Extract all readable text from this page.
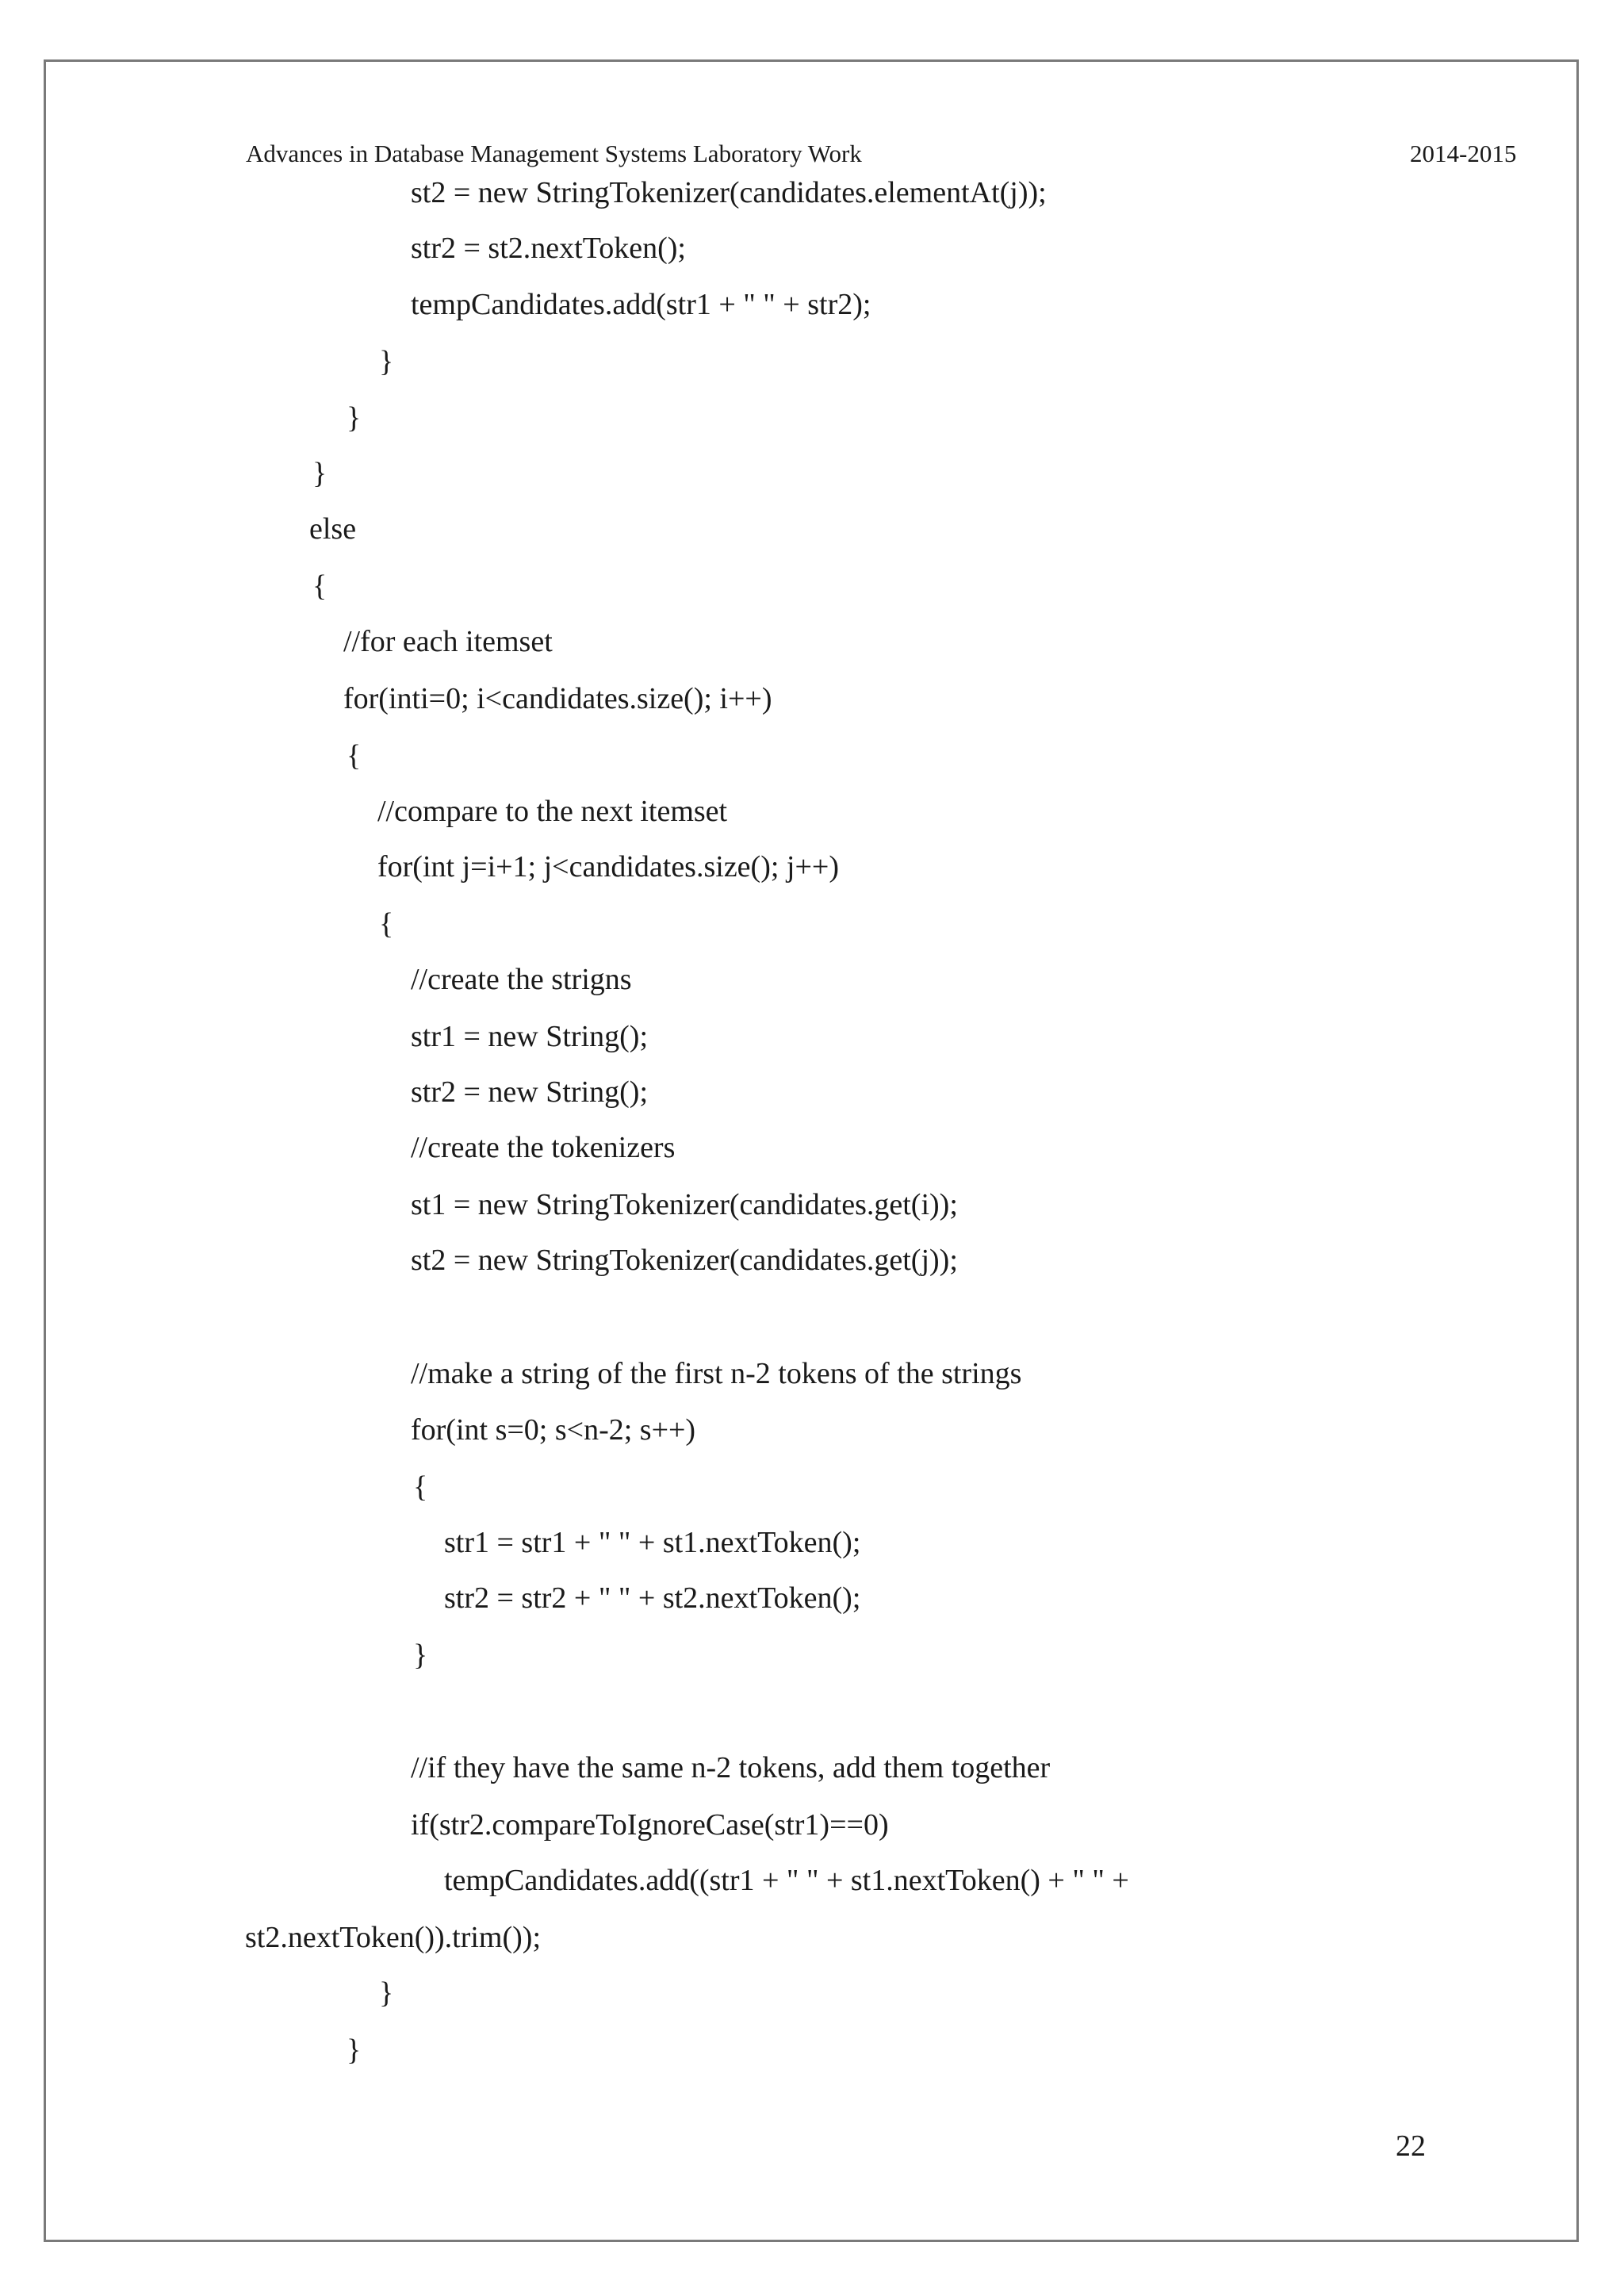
Advances in Database Management Systems Laboratory Work	2014-2015
st2 = new StringTokenizer(candidates.elementAt(j));
str2 = st2.nextToken();
tempCandidates.add(str1 + " " + str2);
}
}
}
else
{
//for each itemset
for(inti=0; i<candidates.size(); i++)
{
//compare to the next itemset
for(int j=i+1; j<candidates.size(); j++)
{
//create the strigns
str1 = new String();
str2 = new String();
//create the tokenizers
st1 = new StringTokenizer(candidates.get(i));
st2 = new StringTokenizer(candidates.get(j));
//make a string of the first n-2 tokens of the strings
for(int s=0; s<n-2; s++)
{
str1 = str1 + " " + st1.nextToken();
str2 = str2 + " " + st2.nextToken();
}
//if they have the same n-2 tokens, add them together
if(str2.compareToIgnoreCase(str1)==0)
tempCandidates.add((str1 + " " + st1.nextToken() + " " +
st2.nextToken()).trim());
}
}
22
